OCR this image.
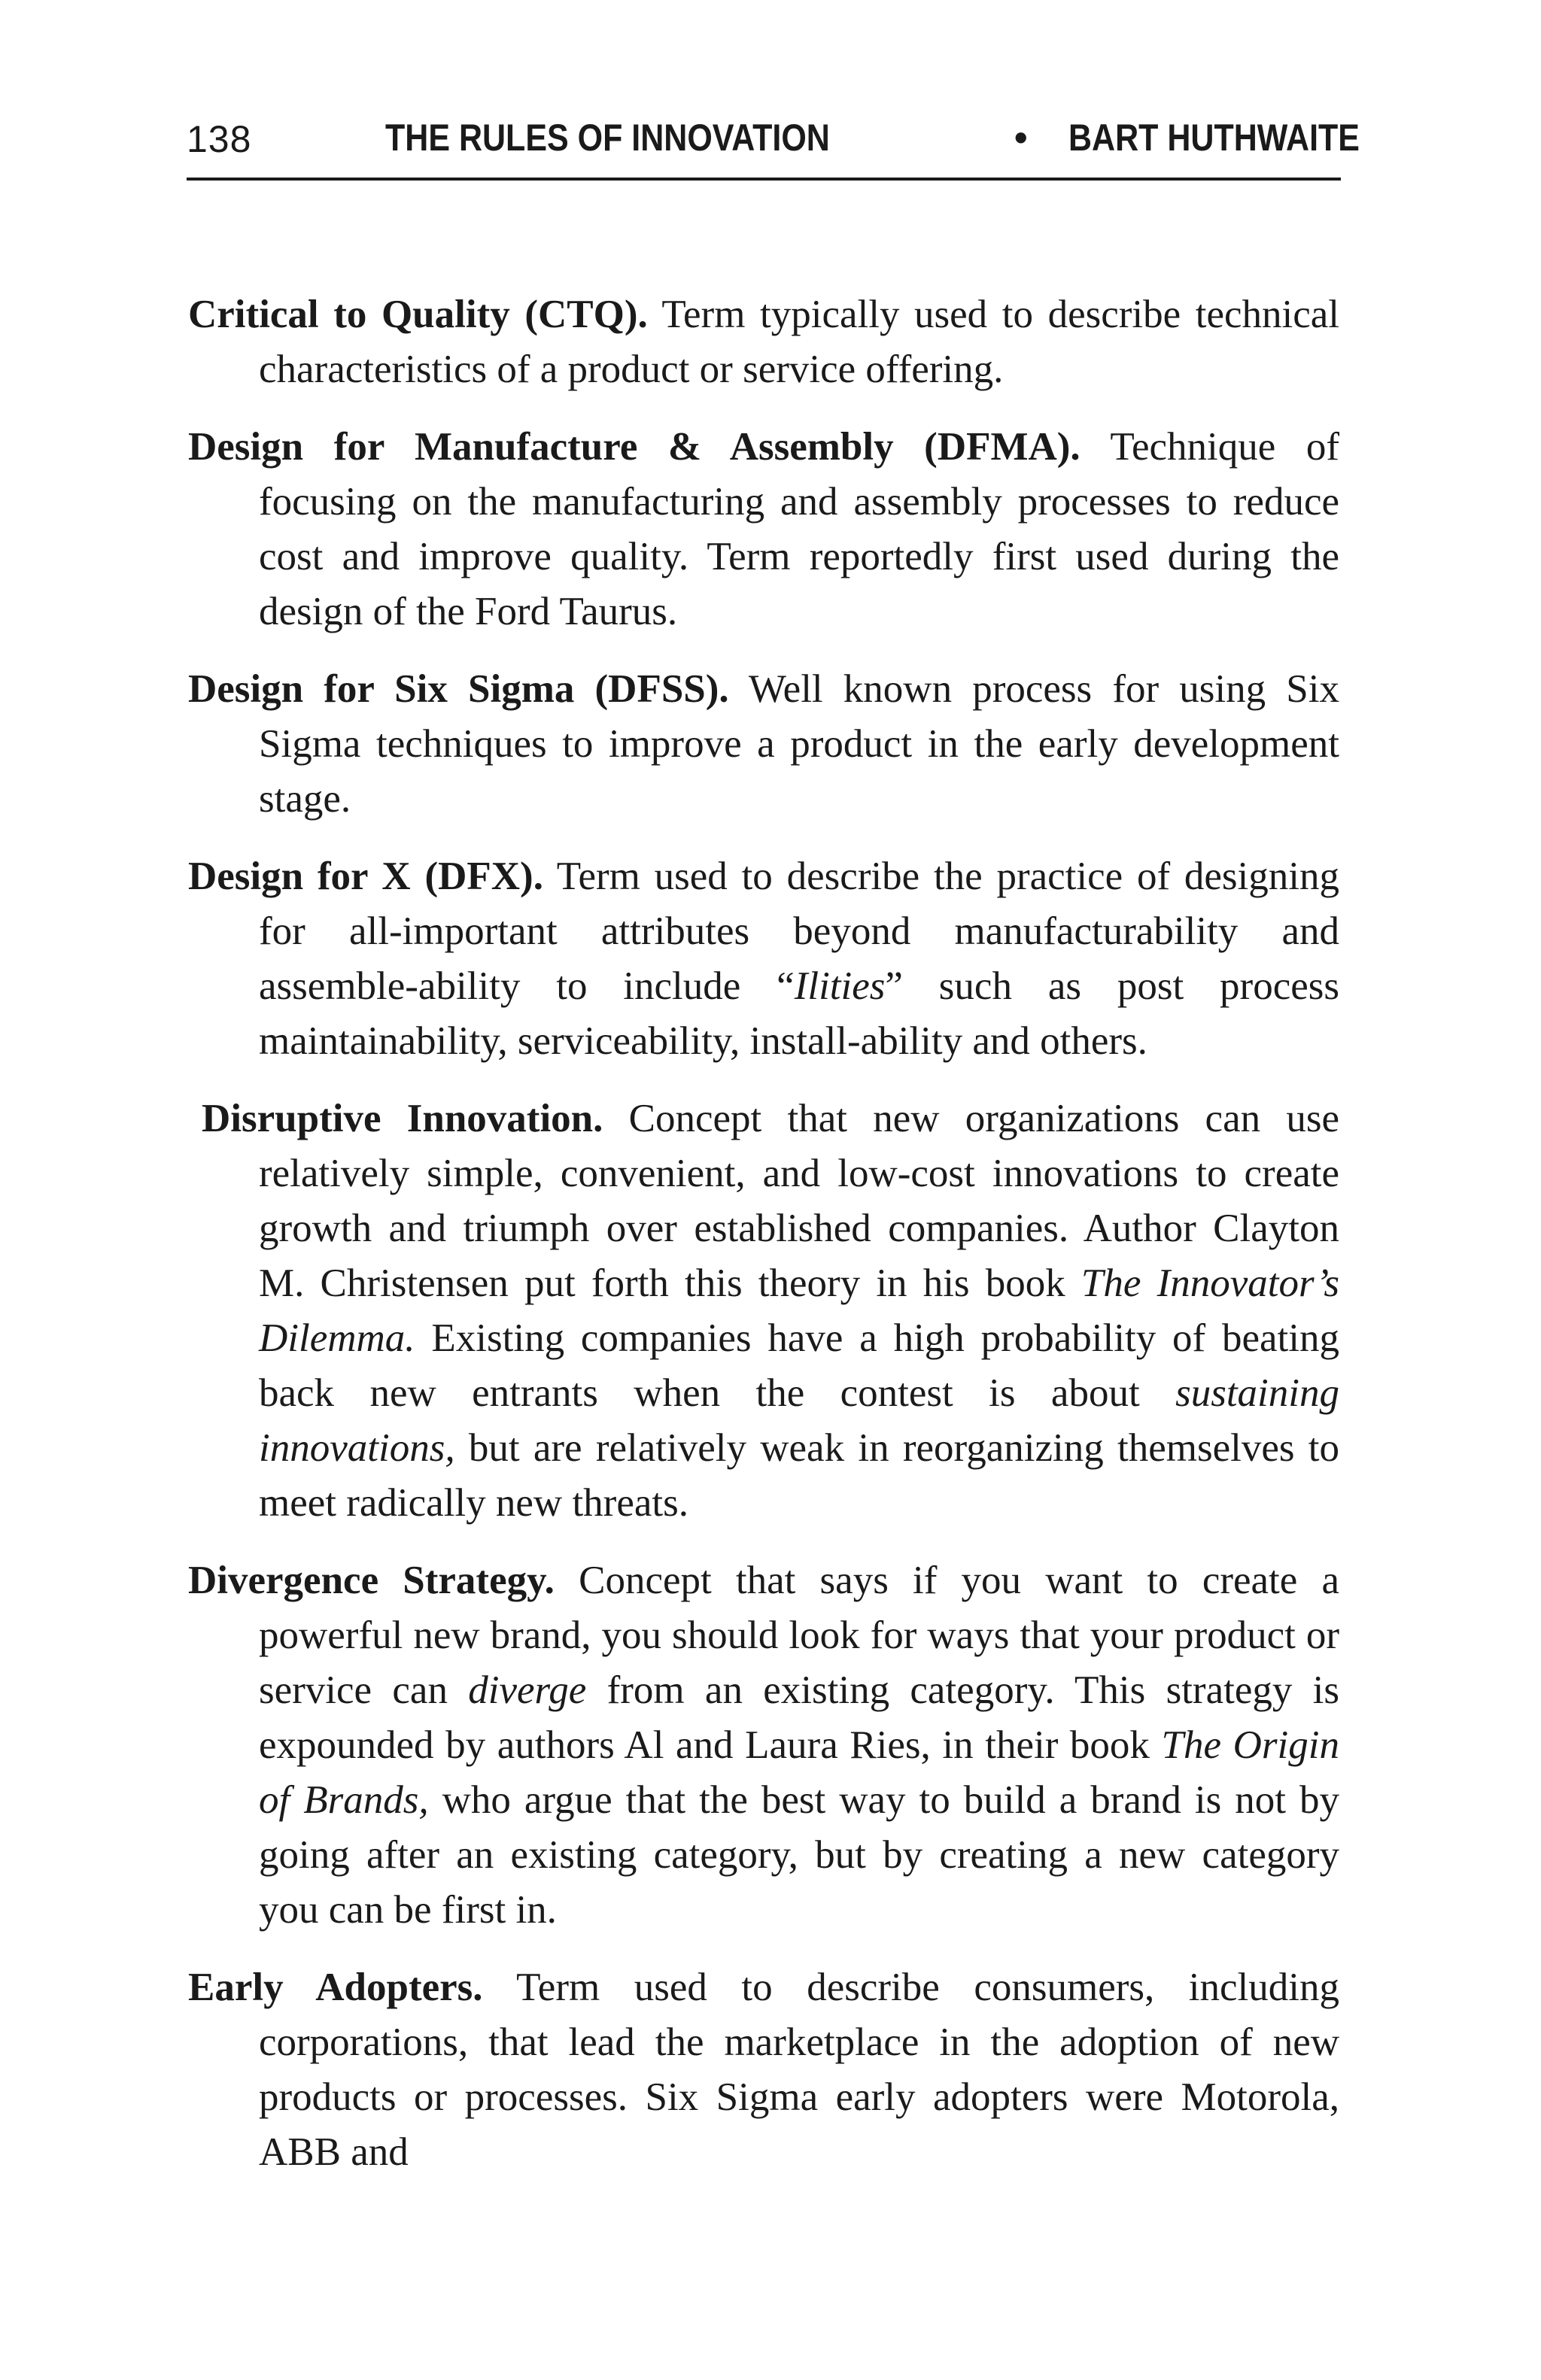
138	THE RULES OF INNOVATION	• BART HUTHWAITE

Critical to Quality (CTQ). Term typically used to describe technical characteristics of a product or service offering.

Design for Manufacture & Assembly (DFMA). Technique of focusing on the manufacturing and assembly processes to reduce cost and improve quality. Term reportedly first used during the design of the Ford Taurus.

Design for Six Sigma (DFSS). Well known process for using Six Sigma techniques to improve a product in the early development stage.

Design for X (DFX). Term used to describe the practice of designing for all-important attributes beyond manufacturability and assemble-ability to include “Ilities” such as post process maintainability, serviceability, install-ability and others.

Disruptive Innovation. Concept that new organizations can use relatively simple, convenient, and low-cost innovations to create growth and triumph over established companies. Author Clayton M. Christensen put forth this theory in his book The Innovator’s Dilemma. Existing companies have a high probability of beating back new entrants when the contest is about sustaining innovations, but are relatively weak in reorganizing themselves to meet radically new threats.

Divergence Strategy. Concept that says if you want to create a powerful new brand, you should look for ways that your product or service can diverge from an existing category. This strategy is expounded by authors Al and Laura Ries, in their book The Origin of Brands, who argue that the best way to build a brand is not by going after an existing category, but by creating a new category you can be first in.

Early Adopters. Term used to describe consumers, including corporations, that lead the marketplace in the adoption of new products or processes. Six Sigma early adopters were Motorola, ABB and
